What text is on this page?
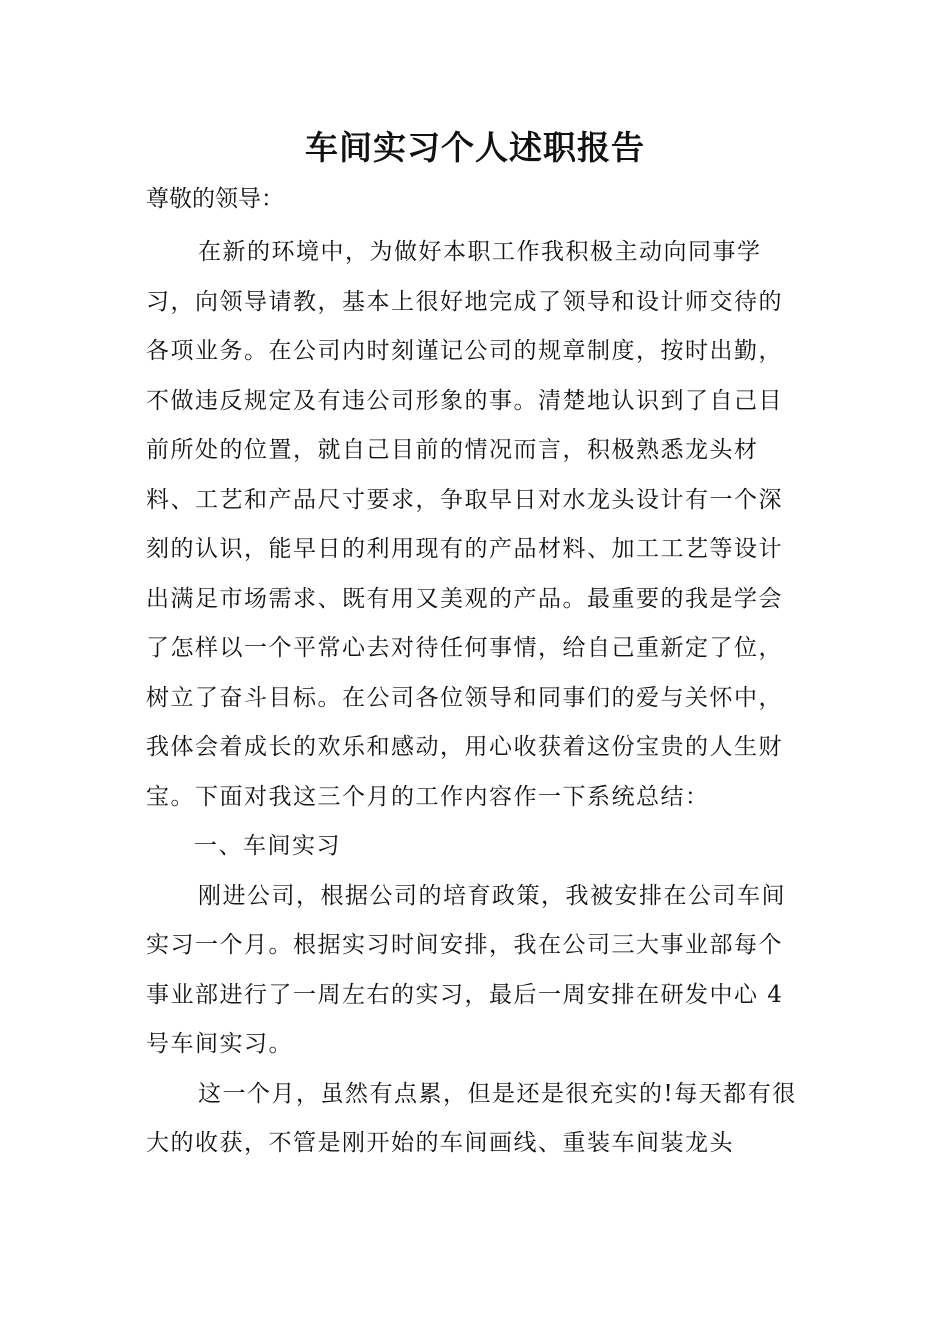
车间实习个人述职报告
尊敬的领导：

在新的环境中，为做好本职工作我积极主动向同事学习，向领导请教，基本上很好地完成了领导和设计师交待的各项业务。在公司内时刻谨记公司的规章制度，按时出勤，不做违反规定及有违公司形象的事。清楚地认识到了自己目前所处的位置，就自己目前的情况而言，积极熟悉龙头材料、工艺和产品尺寸要求，争取早日对水龙头设计有一个深刻的认识，能早日的利用现有的产品材料、加工工艺等设计出满足市场需求、既有用又美观的产品。最重要的我是学会了怎样以一个平常心去对待任何事情，给自己重新定了位，树立了奋斗目标。在公司各位领导和同事们的爱与关怀中，我体会着成长的欢乐和感动，用心收获着这份宝贵的人生财宝。下面对我这三个月的工作内容作一下系统总结：

一、车间实习

刚进公司，根据公司的培育政策，我被安排在公司车间实习一个月。根据实习时间安排，我在公司三大事业部每个事业部进行了一周左右的实习，最后一周安排在研发中心 4 号车间实习。

这一个月，虽然有点累，但是还是很充实的!每天都有很大的收获，不管是刚开始的车间画线、重装车间装龙头
